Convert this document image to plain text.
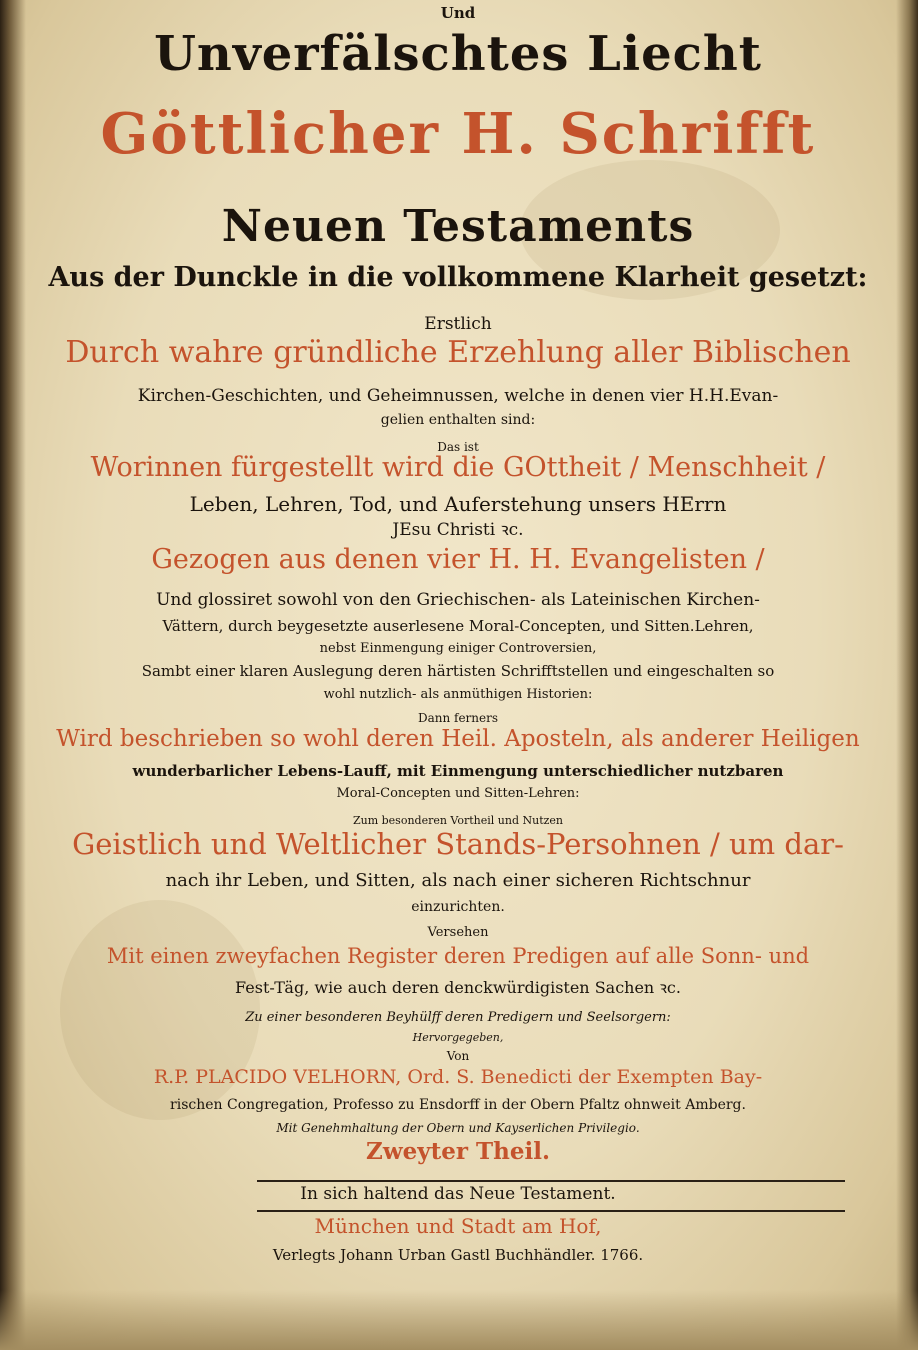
Und
Unverfälschtes Liecht
Göttlicher H. Schrifft
Neuen Testaments
Aus der Dunckle in die vollkommene Klarheit gesetzt:
Erstlich
Durch wahre gründliche Erzehlung aller Biblischen
Kirchen-Geschichten, und Geheimnussen, welche in denen vier H.H.Evan-
gelien enthalten sind:
Das ist
Worinnen fürgestellt wird die GOttheit / Menschheit /
Leben, Lehren, Tod, und Auferstehung unsers HErrn
JEsu Christi ꝛc.
Gezogen aus denen vier H. H. Evangelisten /
Und glossiret sowohl von den Griechischen- als Lateinischen Kirchen-
Vättern, durch beygesetzte auserlesene Moral-Concepten, und Sitten.Lehren,
nebst Einmengung einiger Controversien,
Sambt einer klaren Auslegung deren härtisten Schrifftstellen und eingeschalten so
wohl nutzlich- als anmüthigen Historien:
Dann ferners
Wird beschrieben so wohl deren Heil. Aposteln, als anderer Heiligen
wunderbarlicher Lebens-Lauff, mit Einmengung unterschiedlicher nutzbaren
Moral-Concepten und Sitten-Lehren:
Zum besonderen Vortheil und Nutzen
Geistlich und Weltlicher Stands-Persohnen / um dar-
nach ihr Leben, und Sitten, als nach einer sicheren Richtschnur
einzurichten.
Versehen
Mit einen zweyfachen Register deren Predigen auf alle Sonn- und
Fest-Täg, wie auch deren denckwürdigisten Sachen ꝛc.
Zu einer besonderen Beyhülff deren Predigern und Seelsorgern:
Hervorgegeben,
Von
R.P. PLACIDO VELHORN, Ord. S. Benedicti der Exempten Bay-
rischen Congregation, Professo zu Ensdorff in der Obern Pfaltz ohnweit Amberg.
Mit Genehmhaltung der Obern und Kayserlichen Privilegio.
Zweyter Theil.
In sich haltend das Neue Testament.
München und Stadt am Hof,
Verlegts Johann Urban Gastl Buchhändler. 1766.
